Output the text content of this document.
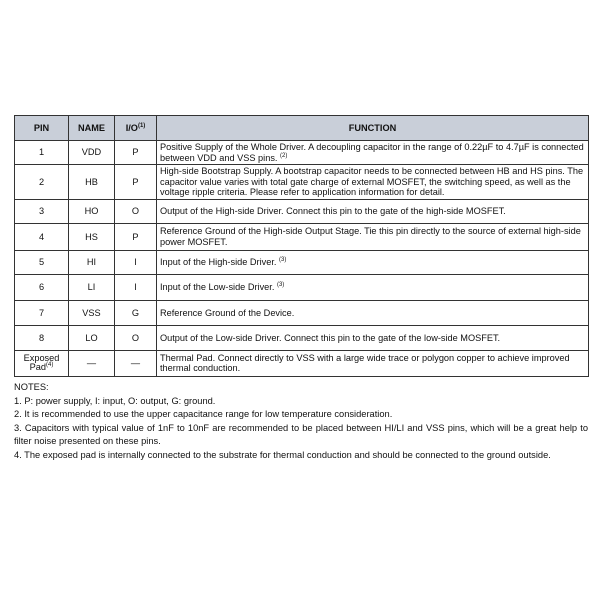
PIN	NAME	$I/O^{(1)}$	FUNCTION
1	VDD	P	Positive Supply of the Whole Driver. A decoupling capacitor in the range of 0.22µF to 4.7µF is connected between VDD and VSS pins. $^{(2)}$
2	HB	P	High-side Bootstrap Supply. A bootstrap capacitor needs to be connected between HB and HS pins. The capacitor value varies with total gate charge of external MOSFET, the switching speed, as well as the voltage ripple criteria. Please refer to application information for detail.
3	HO	O	Output of the High-side Driver. Connect this pin to the gate of the high-side MOSFET.
4	HS	P	Reference Ground of the High-side Output Stage. Tie this pin directly to the source of external high-side power MOSFET.
5	HI	I	Input of the High-side Driver. $^{(3)}$
6	LI	I	Input of the Low-side Driver. $^{(3)}$
7	VSS	G	Reference Ground of the Device.
8	LO	O	Output of the Low-side Driver. Connect this pin to the gate of the low-side MOSFET.
Exposed
Pad$^{(4)}$	—	—	Thermal Pad. Connect directly to VSS with a large wide trace or polygon copper to achieve improved thermal conduction.

NOTES:

1. P: power supply, I: input, O: output, G: ground.

2. It is recommended to use the upper capacitance range for low temperature consideration.

3. Capacitors with typical value of 1nF to 10nF are recommended to be placed between HI/LI and VSS pins, which will be a great help to filter noise presented on these pins.

4. The exposed pad is internally connected to the substrate for thermal conduction and should be connected to the ground outside.
